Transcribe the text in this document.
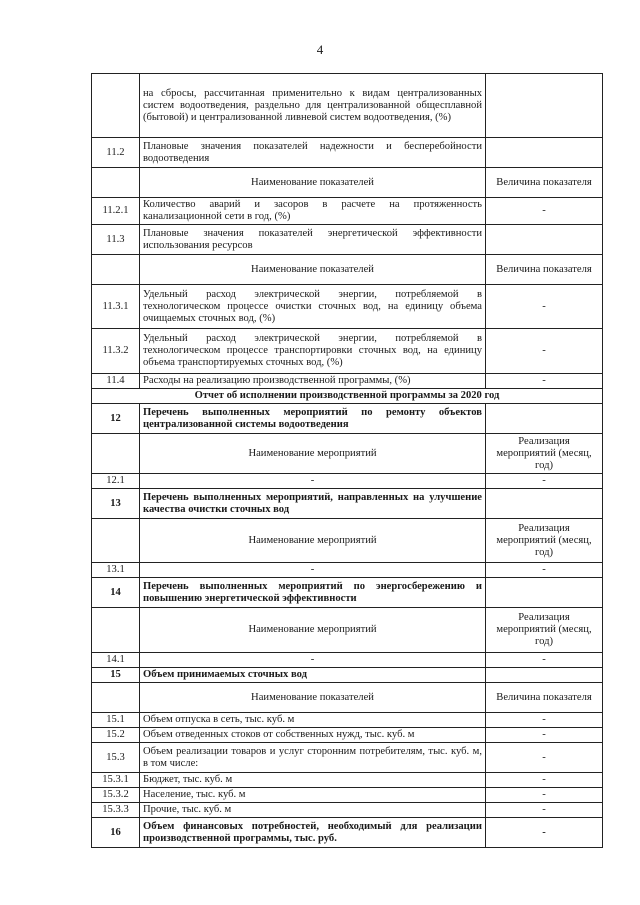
4
	на сбросы, рассчитанная применительно к видам централизованных систем водоотведения, раздельно для централизованной общесплавной (бытовой) и централизованной ливневой систем водоотведения, (%)	
11.2	Плановые значения показателей надежности и бесперебойности водоотведения	
	Наименование показателей	Величина показателя
11.2.1	Количество аварий и засоров в расчете на протяженность канализационной сети в год, (%)	-
11.3	Плановые значения показателей энергетической эффективности использования ресурсов	
	Наименование показателей	Величина показателя
11.3.1	Удельный расход электрической энергии, потребляемой в технологическом процессе очистки сточных вод, на единицу объема очищаемых сточных вод, (%)	-
11.3.2	Удельный расход электрической энергии, потребляемой в технологическом процессе транспортировки сточных вод, на единицу объема транспортируемых сточных вод, (%)	-
11.4	Расходы на реализацию производственной программы, (%)	-
Отчет об исполнении производственной программы за 2020 год		
12	Перечень выполненных мероприятий по ремонту объектов централизованной системы водоотведения	
	Наименование мероприятий	Реализация мероприятий (месяц, год)
12.1	-	-
13	Перечень выполненных мероприятий, направленных на улучшение качества очистки сточных вод	
	Наименование мероприятий	Реализация мероприятий (месяц, год)
13.1	-	-
14	Перечень выполненных мероприятий по энергосбережению и повышению энергетической эффективности	
	Наименование мероприятий	Реализация мероприятий (месяц, год)
14.1	-	-
15	Объем принимаемых сточных вод	
	Наименование показателей	Величина показателя
15.1	Объем отпуска в сеть, тыс. куб. м	-
15.2	Объем отведенных стоков от собственных нужд, тыс. куб. м	-
15.3	Объем реализации товаров и услуг сторонним потребителям, тыс. куб. м, в том числе:	-
15.3.1	Бюджет, тыс. куб. м	-
15.3.2	Население, тыс. куб. м	-
15.3.3	Прочие, тыс. куб. м	-
16	Объем финансовых потребностей, необходимый для реализации производственной программы, тыс. руб.	-
